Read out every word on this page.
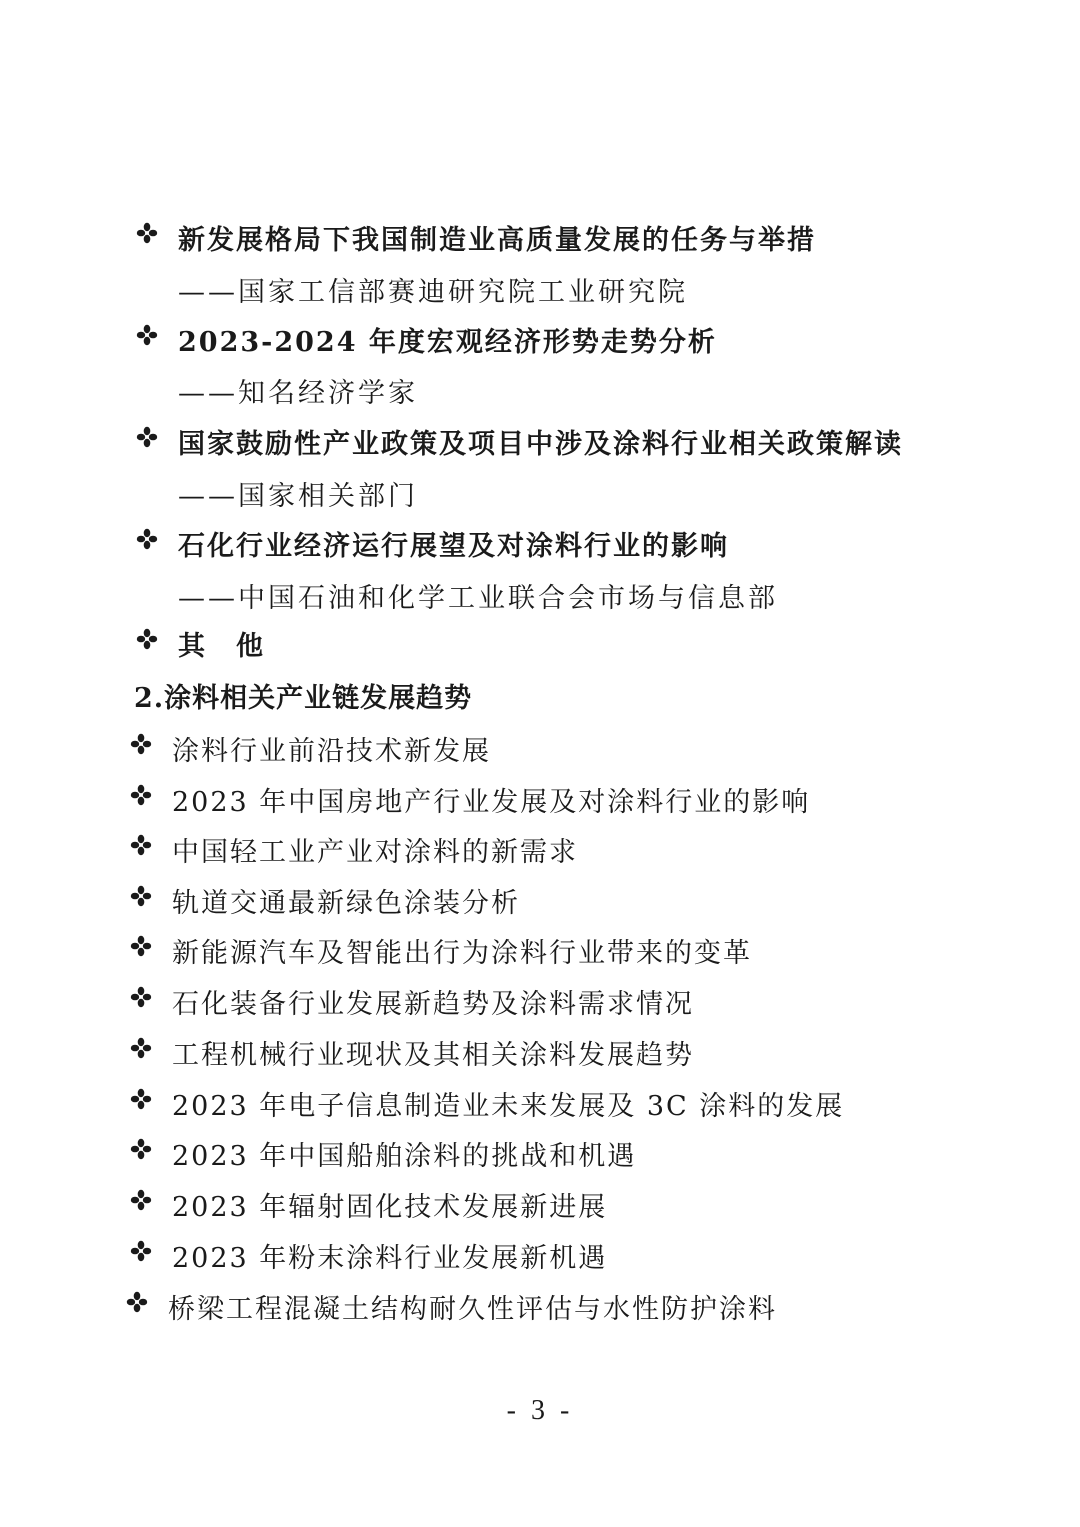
新发展格局下我国制造业高质量发展的任务与举措
——国家工信部赛迪研究院工业研究院
2023-2024 年度宏观经济形势走势分析
——知名经济学家
国家鼓励性产业政策及项目中涉及涂料行业相关政策解读
——国家相关部门
石化行业经济运行展望及对涂料行业的影响
——中国石油和化学工业联合会市场与信息部
其　他
2.涂料相关产业链发展趋势
涂料行业前沿技术新发展
2023 年中国房地产行业发展及对涂料行业的影响
中国轻工业产业对涂料的新需求
轨道交通最新绿色涂装分析
新能源汽车及智能出行为涂料行业带来的变革
石化装备行业发展新趋势及涂料需求情况
工程机械行业现状及其相关涂料发展趋势
2023 年电子信息制造业未来发展及 3C 涂料的发展
2023 年中国船舶涂料的挑战和机遇
2023 年辐射固化技术发展新进展
2023 年粉末涂料行业发展新机遇
桥梁工程混凝土结构耐久性评估与水性防护涂料
- 3 -
